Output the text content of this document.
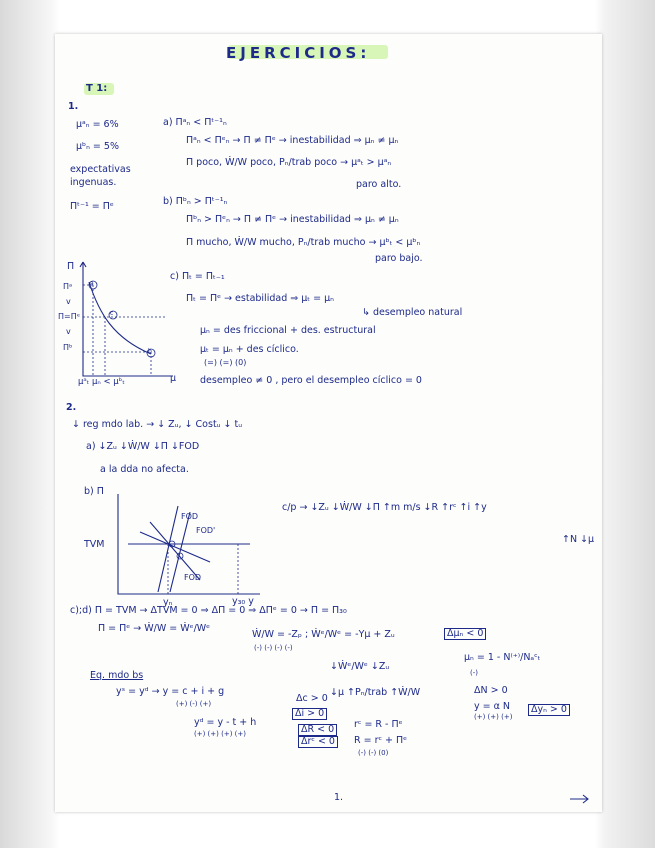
EJERCICIOS:
T 1:
1.
μᵃₙ = 6%
μᵇₙ = 5%
expectativas
ingenuas.
Πᵗ⁻¹ = Πᵉ
a) Πᵃₙ < Πᵗ⁻¹ₙ
Πᵃₙ < Πᵉₙ → Π ≠ Πᵉ → inestabilidad ⇒ μₙ ≠ μₙ
Π poco, Ẇ/W poco, Pₙ/trab poco → μᵃₜ > μᵃₙ
paro alto.
b) Πᵇₙ > Πᵗ⁻¹ₙ
Πᵇₙ > Πᵉₙ → Π ≠ Πᵉ → inestabilidad ⇒ μₙ ≠ μₙ
Π mucho, Ẇ/W mucho, Pₙ/trab mucho → μᵇₜ < μᵇₙ
paro bajo.
Π
Πᵃ
v
Π=Πᵉ
v
Πᵇ
a
c
b
μᵃₜ μₙ < μᵇₜ	μ
c) Πₜ = Πₜ₋₁
Πₜ = Πᵉ → estabilidad ⇒ μₜ = μₙ
↳ desempleo natural
μₙ = des friccional + des. estructural
μₜ = μₙ + des cíclico.
(=) (=) (0)
desempleo ≠ 0 , pero el desempleo cíclico = 0
2.
↓ reg mdo lab. → ↓ Zᵤ, ↓ Costᵤ ↓ tᵤ
a) ↓Zᵤ ↓Ẇ/W ↓Π ↓FOD
a la dda no afecta.
b) Π
TVM
FOD
FOD'
FOD
yₙ	y₃₀ y
c/p → ↓Zᵤ ↓Ẇ/W ↓Π ↑m m/s ↓R ↑rᶜ ↑i ↑y
↑N ↓μ
c);d) Π = TVM → ΔTVM = 0 ⇒ ΔΠ = 0 ⇒ ΔΠᵉ = 0 → Π = Π₃₀
Π = Πᵉ → Ẇ/W = Ẇᵉ/Wᵉ
Ẇ/W = -Zₚ ; Ẇᵉ/Wᵉ = -Υμ + Zᵤ
(-) (-) (-) (-)
Δμₙ < 0
μₙ = 1 - N⁽⁺⁾/Nₐᶜₜ
(-)
↓Ẇᵉ/Wᵉ ↓Zᵤ
↓μ ↑Pₙ/trab ↑Ẇ/W	ΔN > 0
y = α N
(+) (+) (+)
Δyₙ > 0
Eq. mdo bs
yˢ = yᵈ → y = c + i + g
(+) (-) (+)
yᵈ = y - t + h
(+) (+) (+) (+)
Δc > 0
Δi > 0
ΔR < 0
Δrᶜ < 0
rᶜ = R - Πᵉ
R = rᶜ + Πᵉ
(-) (-) (0)
1.
